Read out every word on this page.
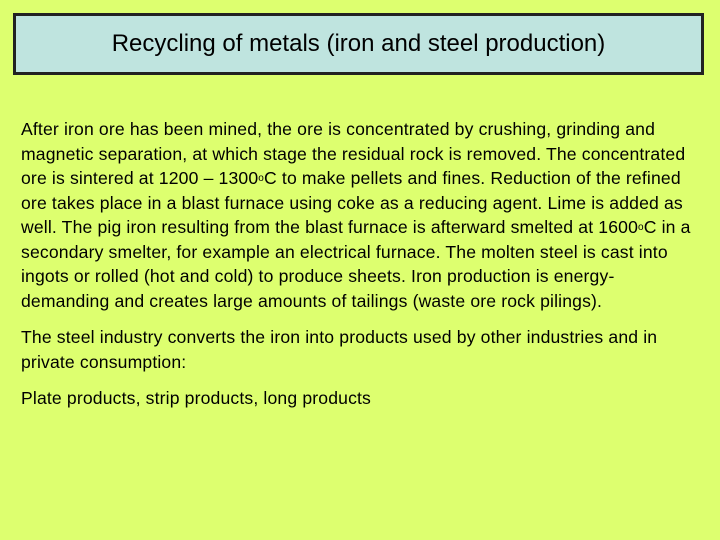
Recycling of metals (iron and steel production)

After iron ore has been mined, the ore is concentrated by crushing, grinding and magnetic separation, at which stage the residual rock is removed. The concentrated ore is sintered at 1200 – 1300$^o$C to make pellets and fines. Reduction of the refined ore takes place in a blast furnace using coke as a reducing agent. Lime is added as well. The pig iron resulting from the blast furnace is afterward smelted at 1600$^o$C in a secondary smelter, for example an electrical furnace. The molten steel is cast into ingots or rolled (hot and cold) to produce sheets. Iron production is energy-demanding and creates large amounts of tailings (waste ore rock pilings).

The steel industry converts the iron into products used by other industries and in private consumption:

Plate products, strip products, long products
